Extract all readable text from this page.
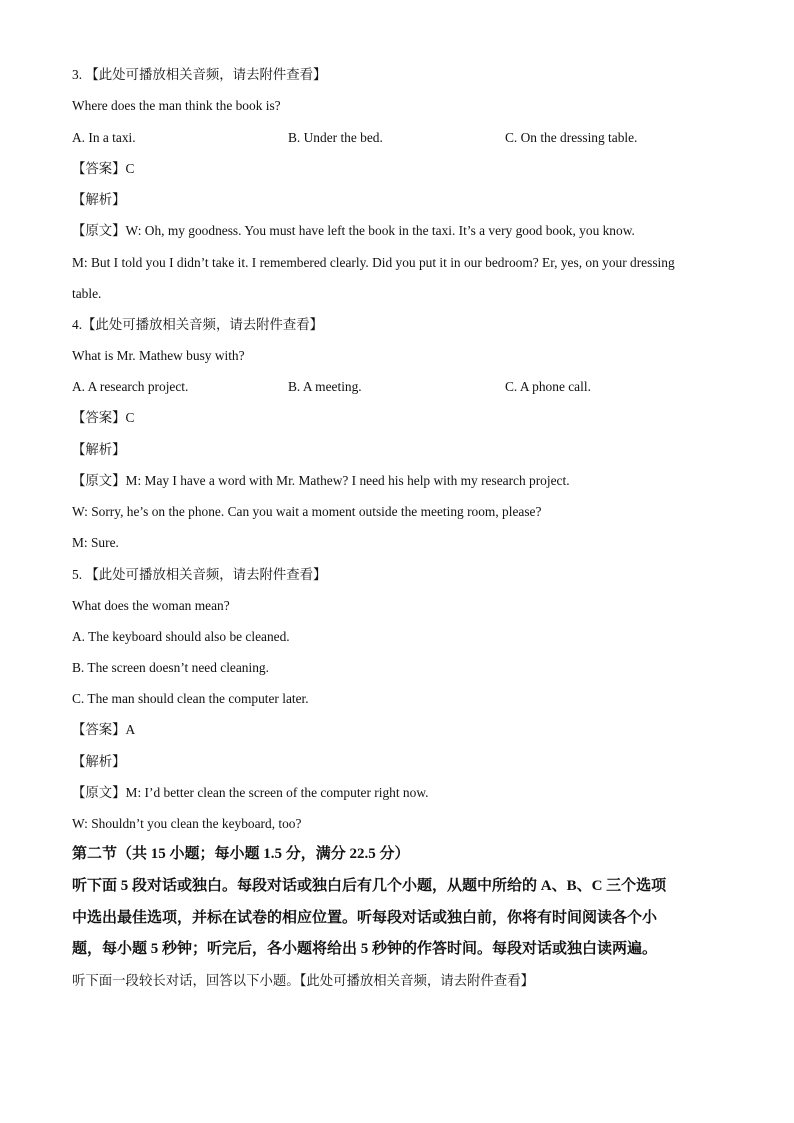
3. 【此处可播放相关音频，请去附件查看】
Where does the man think the book is?
A. In a taxi.	B. Under the bed.	C. On the dressing table.
【答案】C
【解析】
【原文】W: Oh, my goodness. You must have left the book in the taxi. It’s a very good book, you know.
M: But I told you I didn’t take it. I remembered clearly. Did you put it in our bedroom? Er, yes, on your dressing
table.
4.【此处可播放相关音频，请去附件查看】
What is Mr. Mathew busy with?
A. A research project.	B. A meeting.	C. A phone call.
【答案】C
【解析】
【原文】M: May I have a word with Mr. Mathew? I need his help with my research project.
W: Sorry, he’s on the phone. Can you wait a moment outside the meeting room, please?
M: Sure.
5. 【此处可播放相关音频，请去附件查看】
What does the woman mean?
A. The keyboard should also be cleaned.
B. The screen doesn’t need cleaning.
C. The man should clean the computer later.
【答案】A
【解析】
【原文】M: I’d better clean the screen of the computer right now.
W: Shouldn’t you clean the keyboard, too?
第二节（共 15 小题；每小题 1.5 分，满分 22.5 分）
听下面 5 段对话或独白。每段对话或独白后有几个小题，从题中所给的 A、B、C 三个选项
中选出最佳选项，并标在试卷的相应位置。听每段对话或独白前，你将有时间阅读各个小
题，每小题 5 秒钟；听完后，各小题将给出 5 秒钟的作答时间。每段对话或独白读两遍。
听下面一段较长对话，回答以下小题。【此处可播放相关音频，请去附件查看】
